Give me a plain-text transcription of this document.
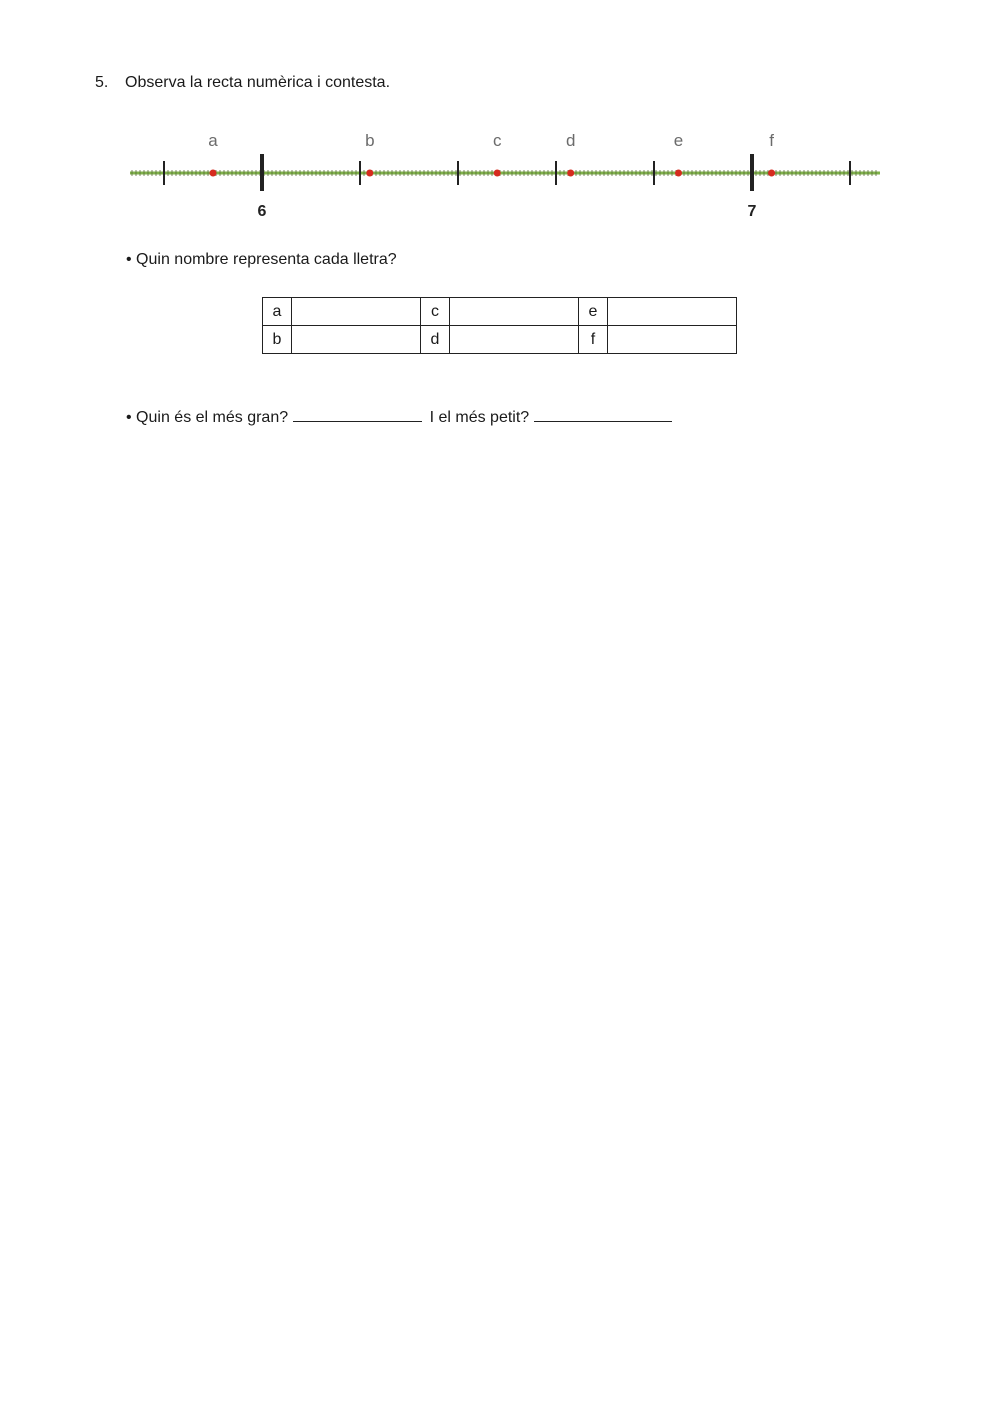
5. Observa la recta numèrica i contesta.
6	7
a	b	c	d	e	f
• Quin nombre representa cada lletra?
a		c		e	
b		d		f	
• Quin és el més gran?	I el més petit?
